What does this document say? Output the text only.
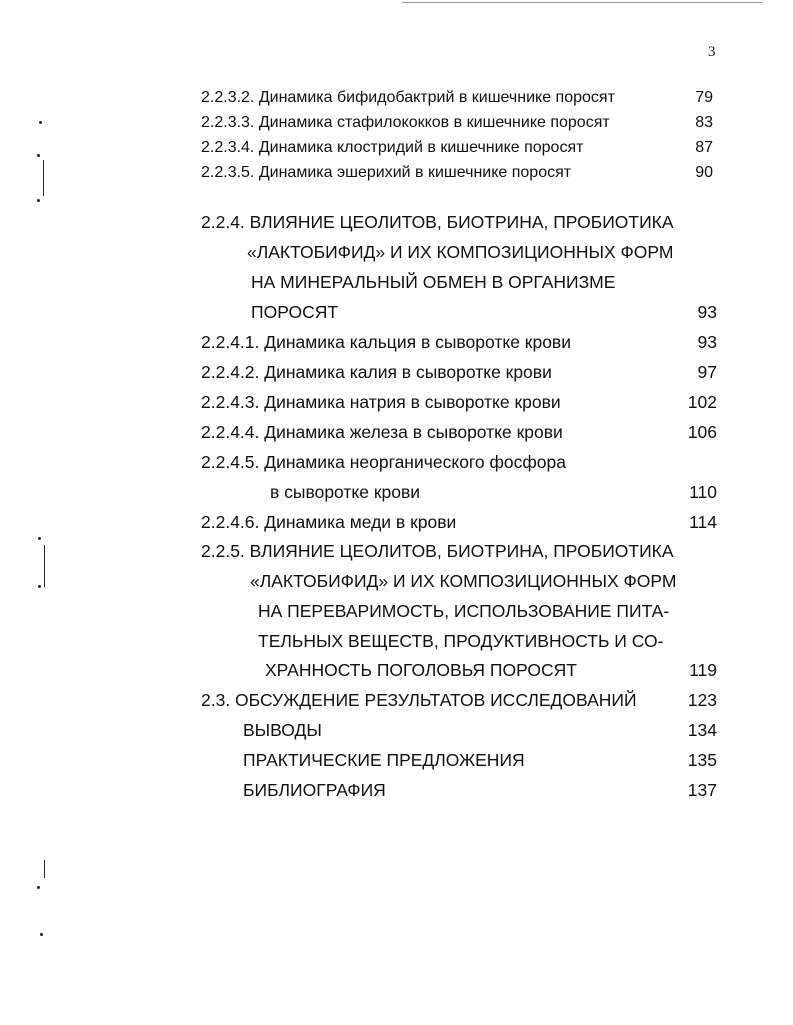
3
2.2.3.2. Динамика бифидобактрий в кишечнике поросят	79
2.2.3.3. Динамика стафилококков в кишечнике поросят	83
2.2.3.4. Динамика клостридий в кишечнике поросят	87
2.2.3.5. Динамика эшерихий в кишечнике поросят	90
2.2.4. ВЛИЯНИЕ ЦЕОЛИТОВ, БИОТРИНА, ПРОБИОТИКА
«ЛАКТОБИФИД» И ИХ КОМПОЗИЦИОННЫХ ФОРМ
НА МИНЕРАЛЬНЫЙ ОБМЕН В ОРГАНИЗМЕ
ПОРОСЯТ	93
2.2.4.1. Динамика кальция в сыворотке крови	93
2.2.4.2. Динамика калия в сыворотке крови	97
2.2.4.3. Динамика натрия в сыворотке крови	102
2.2.4.4. Динамика железа в сыворотке крови	106
2.2.4.5. Динамика неорганического фосфора
в сыворотке крови	110
2.2.4.6. Динамика меди в крови	114
2.2.5. ВЛИЯНИЕ ЦЕОЛИТОВ, БИОТРИНА, ПРОБИОТИКА
«ЛАКТОБИФИД» И ИХ КОМПОЗИЦИОННЫХ ФОРМ
НА ПЕРЕВАРИМОСТЬ, ИСПОЛЬЗОВАНИЕ ПИТА-
ТЕЛЬНЫХ ВЕЩЕСТВ, ПРОДУКТИВНОСТЬ И СО-
ХРАННОСТЬ ПОГОЛОВЬЯ ПОРОСЯТ	119
2.3. ОБСУЖДЕНИЕ РЕЗУЛЬТАТОВ ИССЛЕДОВАНИЙ	123
ВЫВОДЫ	134
ПРАКТИЧЕСКИЕ ПРЕДЛОЖЕНИЯ	135
БИБЛИОГРАФИЯ	137
